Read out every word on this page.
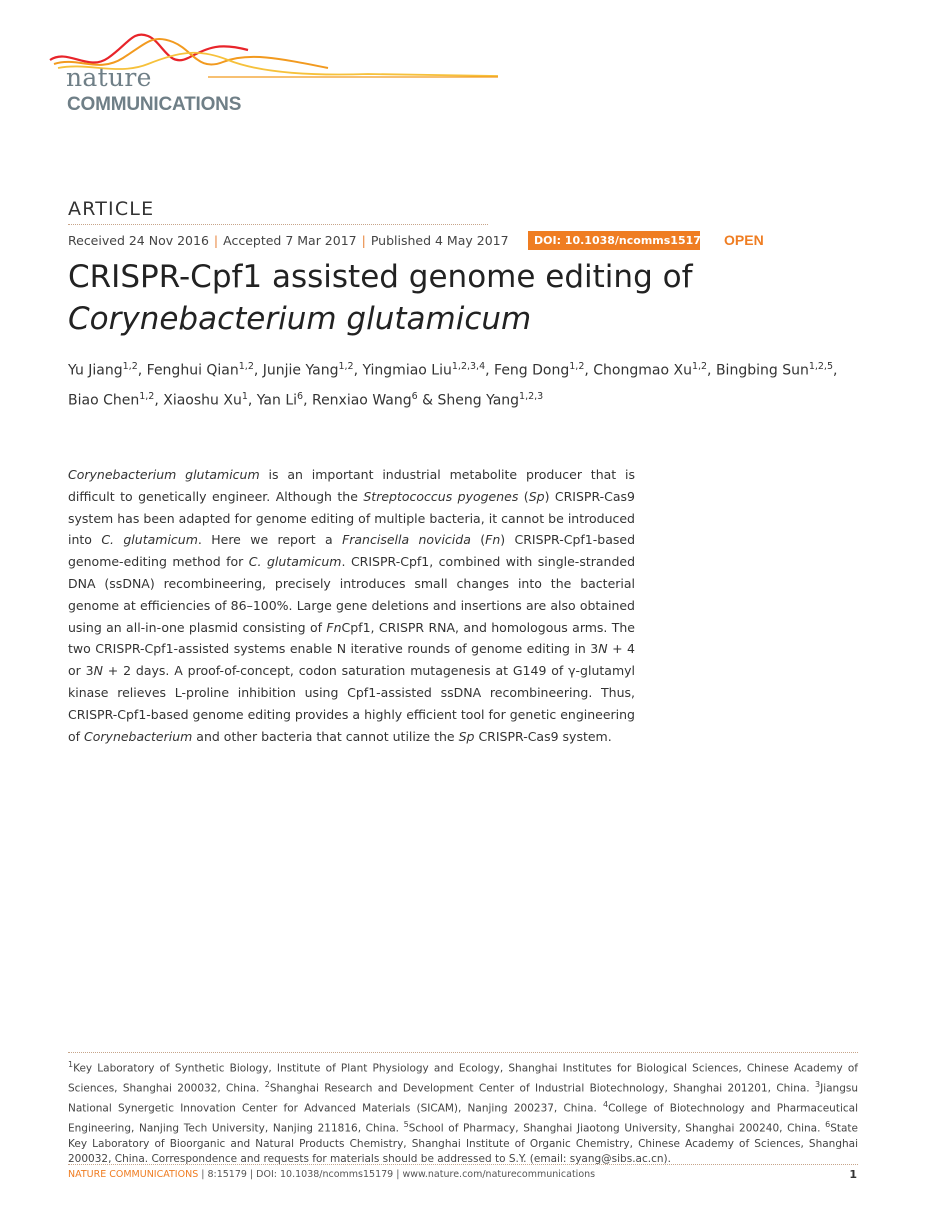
nature
COMMUNICATIONS
ARTICLE
Received 24 Nov 2016 | Accepted 7 Mar 2017 | Published 4 May 2017	DOI: 10.1038/ncomms15179 OPEN
CRISPR-Cpf1 assisted genome editing of
Corynebacterium glutamicum
Yu Jiang$^{1,2}$, Fenghui Qian$^{1,2}$, Junjie Yang$^{1,2}$, Yingmiao Liu$^{1,2,3,4}$, Feng Dong$^{1,2}$, Chongmao Xu$^{1,2}$, Bingbing Sun$^{1,2,5}$, Biao Chen$^{1,2}$, Xiaoshu Xu$^1$, Yan Li$^6$, Renxiao Wang$^6$ & Sheng Yang$^{1,2,3}$
Corynebacterium glutamicum is an important industrial metabolite producer that is difficult to genetically engineer. Although the Streptococcus pyogenes (Sp) CRISPR-Cas9 system has been adapted for genome editing of multiple bacteria, it cannot be introduced into C. glutamicum. Here we report a Francisella novicida (Fn) CRISPR-Cpf1-based genome-editing method for C. glutamicum. CRISPR-Cpf1, combined with single-stranded DNA (ssDNA) recombineering, precisely introduces small changes into the bacterial genome at efficiencies of 86–100%. Large gene deletions and insertions are also obtained using an all-in-one plasmid consisting of FnCpf1, CRISPR RNA, and homologous arms. The two CRISPR-Cpf1-assisted systems enable N iterative rounds of genome editing in 3N + 4 or 3N + 2 days. A proof-of-concept, codon saturation mutagenesis at G149 of γ-glutamyl kinase relieves L-proline inhibition using Cpf1-assisted ssDNA recombineering. Thus, CRISPR-Cpf1-based genome editing provides a highly efficient tool for genetic engineering of Corynebacterium and other bacteria that cannot utilize the Sp CRISPR-Cas9 system.
$^1$Key Laboratory of Synthetic Biology, Institute of Plant Physiology and Ecology, Shanghai Institutes for Biological Sciences, Chinese Academy of Sciences, Shanghai 200032, China. $^2$Shanghai Research and Development Center of Industrial Biotechnology, Shanghai 201201, China. $^3$Jiangsu National Synergetic Innovation Center for Advanced Materials (SICAM), Nanjing 200237, China. $^4$College of Biotechnology and Pharmaceutical Engineering, Nanjing Tech University, Nanjing 211816, China. $^5$School of Pharmacy, Shanghai Jiaotong University, Shanghai 200240, China. $^6$State Key Laboratory of Bioorganic and Natural Products Chemistry, Shanghai Institute of Organic Chemistry, Chinese Academy of Sciences, Shanghai 200032, China. Correspondence and requests for materials should be addressed to S.Y. (email: syang@sibs.ac.cn).
NATURE COMMUNICATIONS | 8:15179 | DOI: 10.1038/ncomms15179 | www.nature.com/naturecommunications	1
